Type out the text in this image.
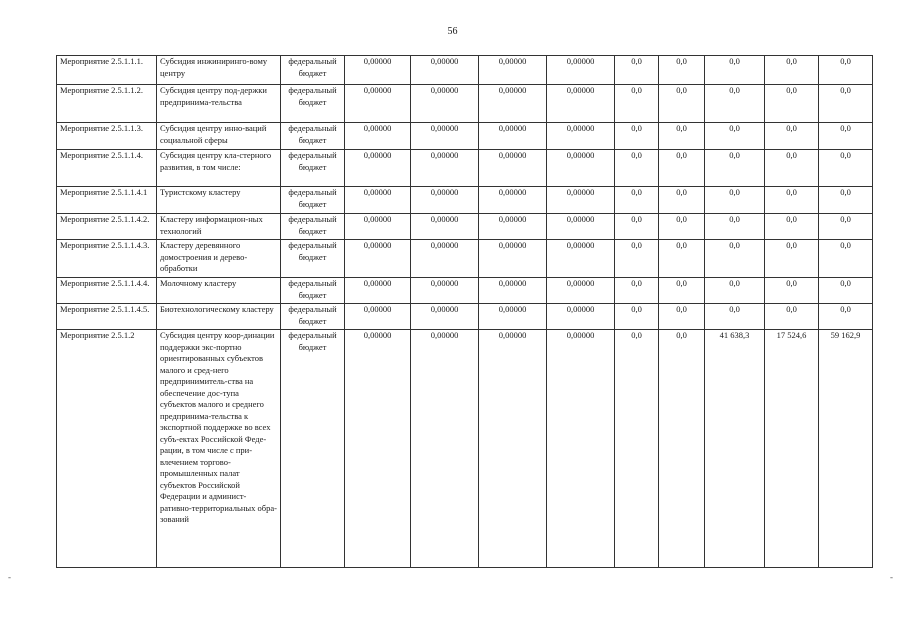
56
Мероприятие 2.5.1.1.1.	Субсидия инжиниринго-вому центру	федеральный бюджет	0,00000	0,00000	0,00000	0,00000	0,0	0,0	0,0	0,0	0,0
Мероприятие 2.5.1.1.2.	Субсидия центру под-держки предпринима-тельства	федеральный бюджет	0,00000	0,00000	0,00000	0,00000	0,0	0,0	0,0	0,0	0,0
Мероприятие 2.5.1.1.3.	Субсидия центру инно-ваций социальной сферы	федеральный бюджет	0,00000	0,00000	0,00000	0,00000	0,0	0,0	0,0	0,0	0,0
Мероприятие 2.5.1.1.4.	Субсидия центру кла-стерного развития, в том числе:	федеральный бюджет	0,00000	0,00000	0,00000	0,00000	0,0	0,0	0,0	0,0	0,0
Мероприятие 2.5.1.1.4.1	Туристскому кластеру	федеральный бюджет	0,00000	0,00000	0,00000	0,00000	0,0	0,0	0,0	0,0	0,0
Мероприятие 2.5.1.1.4.2.	Кластеру информацион-ных технологий	федеральный бюджет	0,00000	0,00000	0,00000	0,00000	0,0	0,0	0,0	0,0	0,0
Мероприятие 2.5.1.1.4.3.	Кластеру деревянного домостроения и дерево-обработки	федеральный бюджет	0,00000	0,00000	0,00000	0,00000	0,0	0,0	0,0	0,0	0,0
Мероприятие 2.5.1.1.4.4.	Молочному кластеру	федеральный бюджет	0,00000	0,00000	0,00000	0,00000	0,0	0,0	0,0	0,0	0,0
Мероприятие 2.5.1.1.4.5.	Биотехнологическому кластеру	федеральный бюджет	0,00000	0,00000	0,00000	0,00000	0,0	0,0	0,0	0,0	0,0
Мероприятие 2.5.1.2	Субсидия центру коор-динации поддержки экс-портно ориентированных субъектов малого и сред-него предпринимитель-ства на обеспечение дос-тупа субъектов малого и среднего предпринима-тельства к экспортной поддержке во всех субъ-ектах Российской Феде-рации, в том числе с при-влечением торгово-промышленных палат субъектов Российской Федерации и админист-ративно-территориальных обра-зований	федеральный бюджет	0,00000	0,00000	0,00000	0,00000	0,0	0,0	41 638,3	17 524,6	59 162,9
-	-
